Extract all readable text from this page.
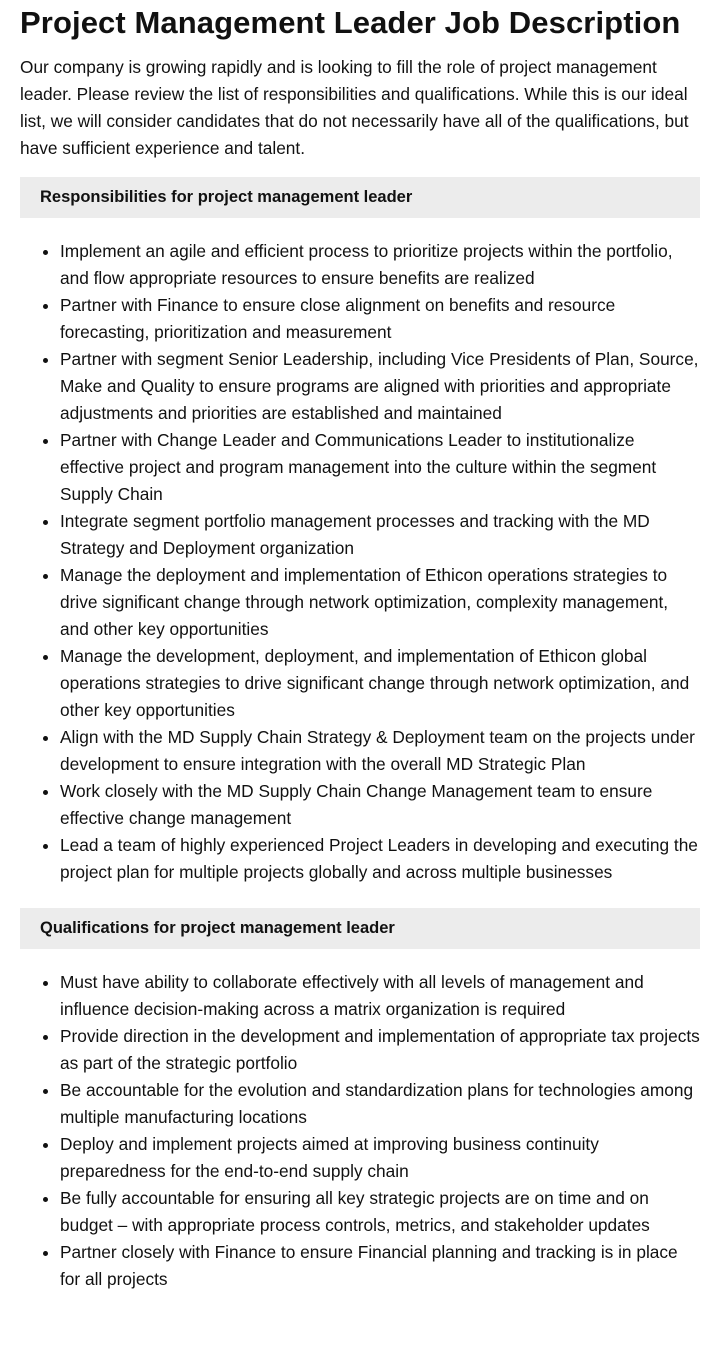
Project Management Leader Job Description

Our company is growing rapidly and is looking to fill the role of project management leader. Please review the list of responsibilities and qualifications. While this is our ideal list, we will consider candidates that do not necessarily have all of the qualifications, but have sufficient experience and talent.

Responsibilities for project management leader
• Implement an agile and efficient process to prioritize projects within the portfolio, and flow appropriate resources to ensure benefits are realized
• Partner with Finance to ensure close alignment on benefits and resource forecasting, prioritization and measurement
• Partner with segment Senior Leadership, including Vice Presidents of Plan, Source, Make and Quality to ensure programs are aligned with priorities and appropriate adjustments and priorities are established and maintained
• Partner with Change Leader and Communications Leader to institutionalize effective project and program management into the culture within the segment Supply Chain
• Integrate segment portfolio management processes and tracking with the MD Strategy and Deployment organization
• Manage the deployment and implementation of Ethicon operations strategies to drive significant change through network optimization, complexity management, and other key opportunities
• Manage the development, deployment, and implementation of Ethicon global operations strategies to drive significant change through network optimization, and other key opportunities
• Align with the MD Supply Chain Strategy & Deployment team on the projects under development to ensure integration with the overall MD Strategic Plan
• Work closely with the MD Supply Chain Change Management team to ensure effective change management
• Lead a team of highly experienced Project Leaders in developing and executing the project plan for multiple projects globally and across multiple businesses
Qualifications for project management leader
• Must have ability to collaborate effectively with all levels of management and influence decision-making across a matrix organization is required
• Provide direction in the development and implementation of appropriate tax projects as part of the strategic portfolio
• Be accountable for the evolution and standardization plans for technologies among multiple manufacturing locations
• Deploy and implement projects aimed at improving business continuity preparedness for the end-to-end supply chain
• Be fully accountable for ensuring all key strategic projects are on time and on budget – with appropriate process controls, metrics, and stakeholder updates
• Partner closely with Finance to ensure Financial planning and tracking is in place for all projects
